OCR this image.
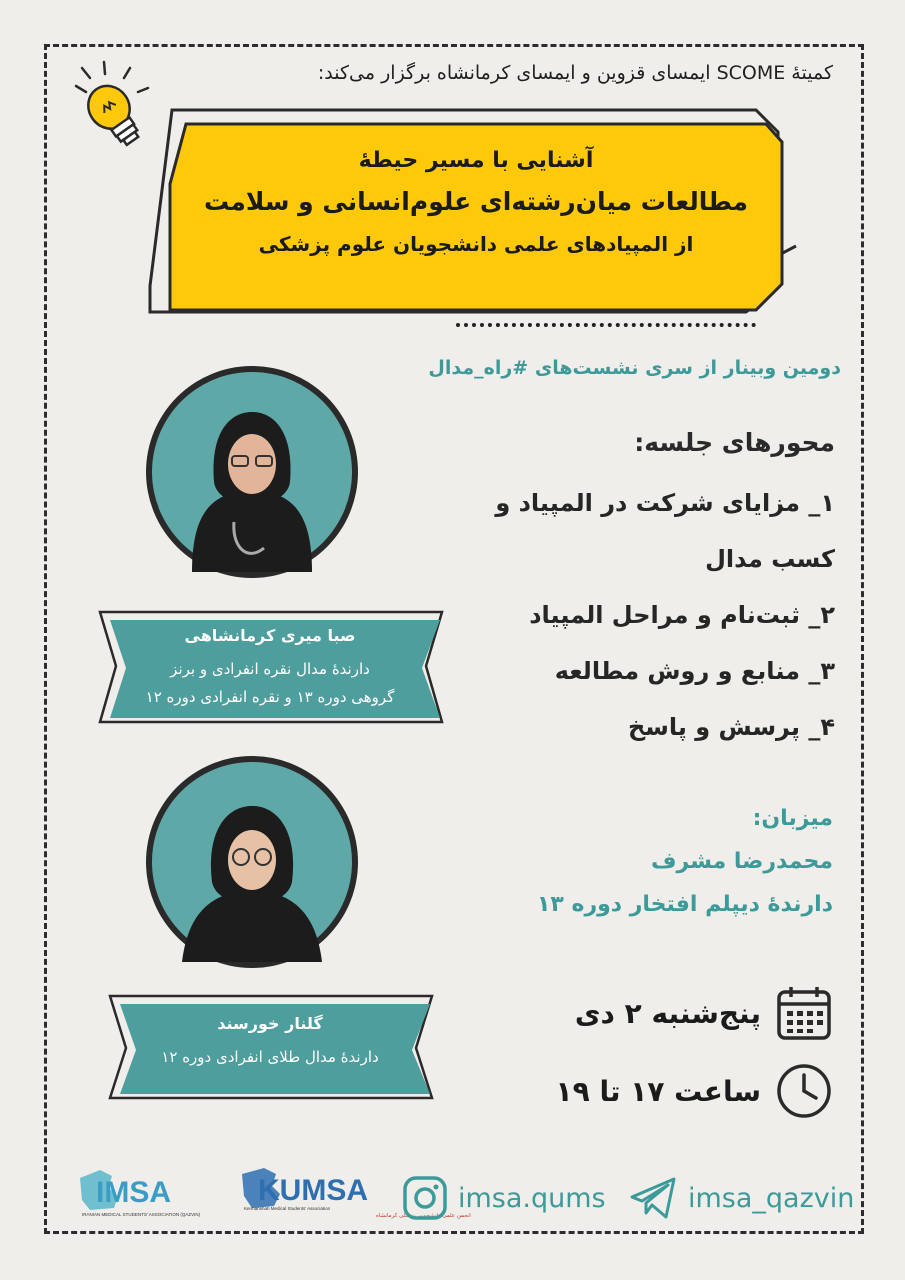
کمیتهٔ SCOME ایمسای قزوین و ایمسای کرمانشاه برگزار می‌کند:
آشنایی با مسیر حیطهٔ
مطالعات میان‌رشته‌ای علوم‌انسانی و سلامت
از المپیادهای علمی دانشجویان علوم پزشکی
دومین وبینار از سری نشست‌های #راه_مدال
صبا میری کرمانشاهی
دارندهٔ مدال نقره انفرادی و برنز
گروهی دوره ۱۳ و نقره انفرادی دوره ۱۲
گلنار خورسند
دارندهٔ مدال طلای انفرادی دوره ۱۲
محورهای جلسه:
۱_ مزایای شرکت در المپیاد و
کسب مدال
۲_ ثبت‌نام و مراحل المپیاد
۳_ منابع و روش مطالعه
۴_ پرسش و پاسخ
میزبان:
محمدرضا مشرف
دارندهٔ دیپلم افتخار دوره ۱۳
پنج‌شنبه ۲ دی
ساعت ۱۷ تا ۱۹
IMSA
IRANIAN MEDICAL STUDENTS' ASSOCIATION (QAZVIN)
KUMSA
Kermanshah Medical Students' Association
انجمن علمی دانشجویی پزشکی کرمانشاه
imsa.qums	imsa_qazvin
